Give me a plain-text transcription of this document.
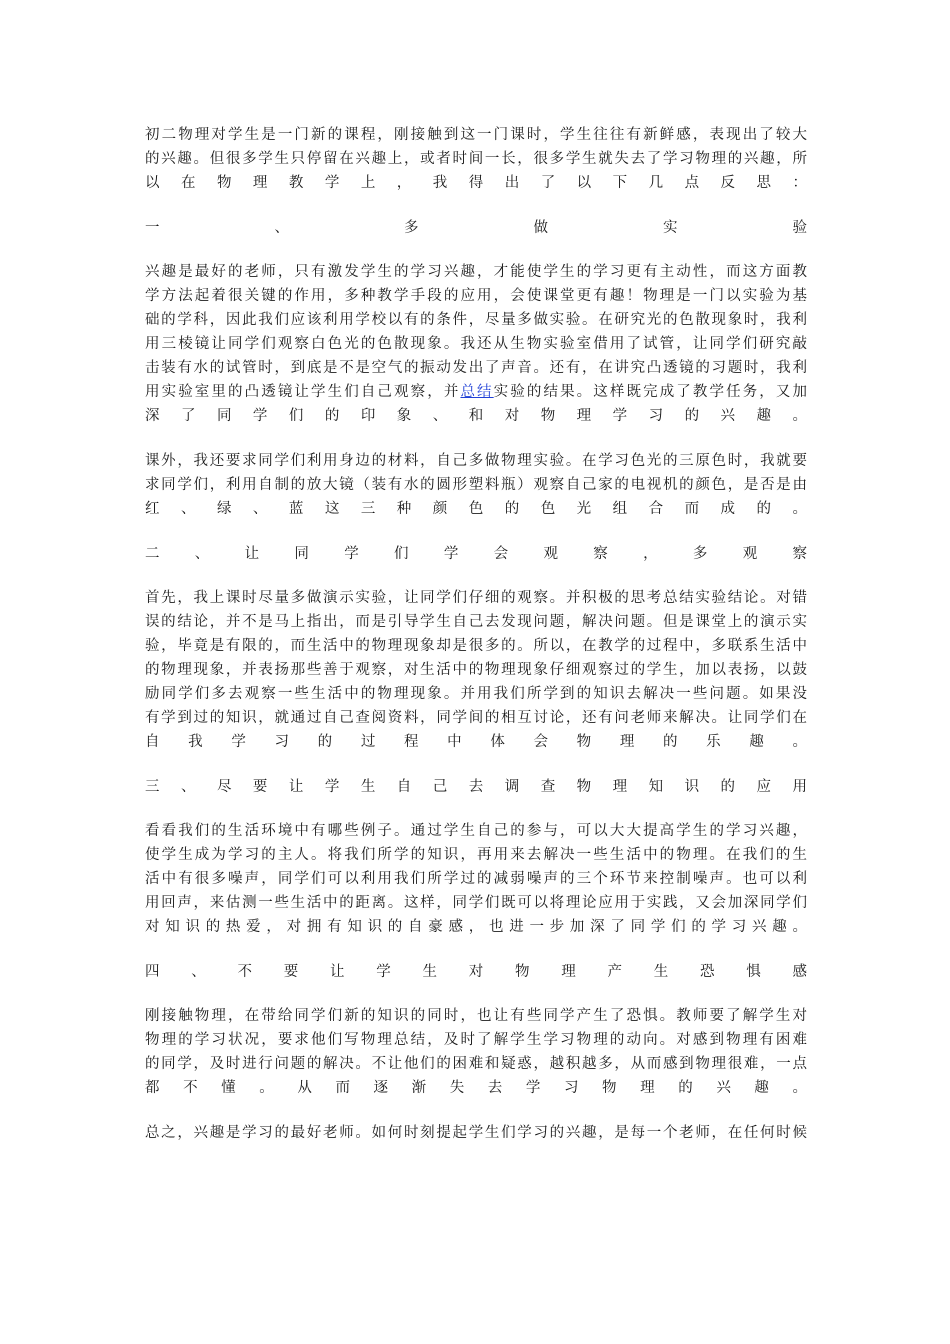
初二物理对学生是一门新的课程，刚接触到这一门课时，学生往往有新鲜感，表现出了较大

的兴趣。但很多学生只停留在兴趣上，或者时间一长，很多学生就失去了学习物理的兴趣，所

以在物理教学上，我得出了以下几点反思：

一、多做实验

兴趣是最好的老师，只有激发学生的学习兴趣，才能使学生的学习更有主动性，而这方面教

学方法起着很关键的作用，多种教学手段的应用，会使课堂更有趣！物理是一门以实验为基

础的学科，因此我们应该利用学校以有的条件，尽量多做实验。在研究光的色散现象时，我利

用三棱镜让同学们观察白色光的色散现象。我还从生物实验室借用了试管，让同学们研究敲

击装有水的试管时，到底是不是空气的振动发出了声音。还有，在讲究凸透镜的习题时，我利

用实验室里的凸透镜让学生们自己观察，并总结实验的结果。这样既完成了教学任务，又加

深了同学们的印象、和对物理学习的兴趣。

课外，我还要求同学们利用身边的材料，自己多做物理实验。在学习色光的三原色时，我就要

求同学们，利用自制的放大镜（装有水的圆形塑料瓶）观察自己家的电视机的颜色，是否是由

红、绿、蓝这三种颜色的色光组合而成的。

二、让同学们学会观察，多观察

首先，我上课时尽量多做演示实验，让同学们仔细的观察。并积极的思考总结实验结论。对错

误的结论，并不是马上指出，而是引导学生自己去发现问题，解决问题。但是课堂上的演示实

验，毕竟是有限的，而生活中的物理现象却是很多的。所以，在教学的过程中，多联系生活中

的物理现象，并表扬那些善于观察，对生活中的物理现象仔细观察过的学生，加以表扬，以鼓

励同学们多去观察一些生活中的物理现象。并用我们所学到的知识去解决一些问题。如果没

有学到过的知识，就通过自己查阅资料，同学间的相互讨论，还有问老师来解决。让同学们在

自我学习的过程中体会物理的乐趣。

三、尽要让学生自己去调查物理知识的应用

看看我们的生活环境中有哪些例子。通过学生自己的参与，可以大大提高学生的学习兴趣，

使学生成为学习的主人。将我们所学的知识，再用来去解决一些生活中的物理。在我们的生

活中有很多噪声，同学们可以利用我们所学过的减弱噪声的三个环节来控制噪声。也可以利

用回声，来估测一些生活中的距离。这样，同学们既可以将理论应用于实践，又会加深同学们

对知识的热爱，对拥有知识的自豪感，也进一步加深了同学们的学习兴趣。

四、不要让学生对物理产生恐惧感

刚接触物理，在带给同学们新的知识的同时，也让有些同学产生了恐惧。教师要了解学生对

物理的学习状况，要求他们写物理总结，及时了解学生学习物理的动向。对感到物理有困难

的同学，及时进行问题的解决。不让他们的困难和疑惑，越积越多，从而感到物理很难，一点

都不懂。从而逐渐失去学习物理的兴趣。

总之，兴趣是学习的最好老师。如何时刻提起学生们学习的兴趣，是每一个老师，在任何时候
